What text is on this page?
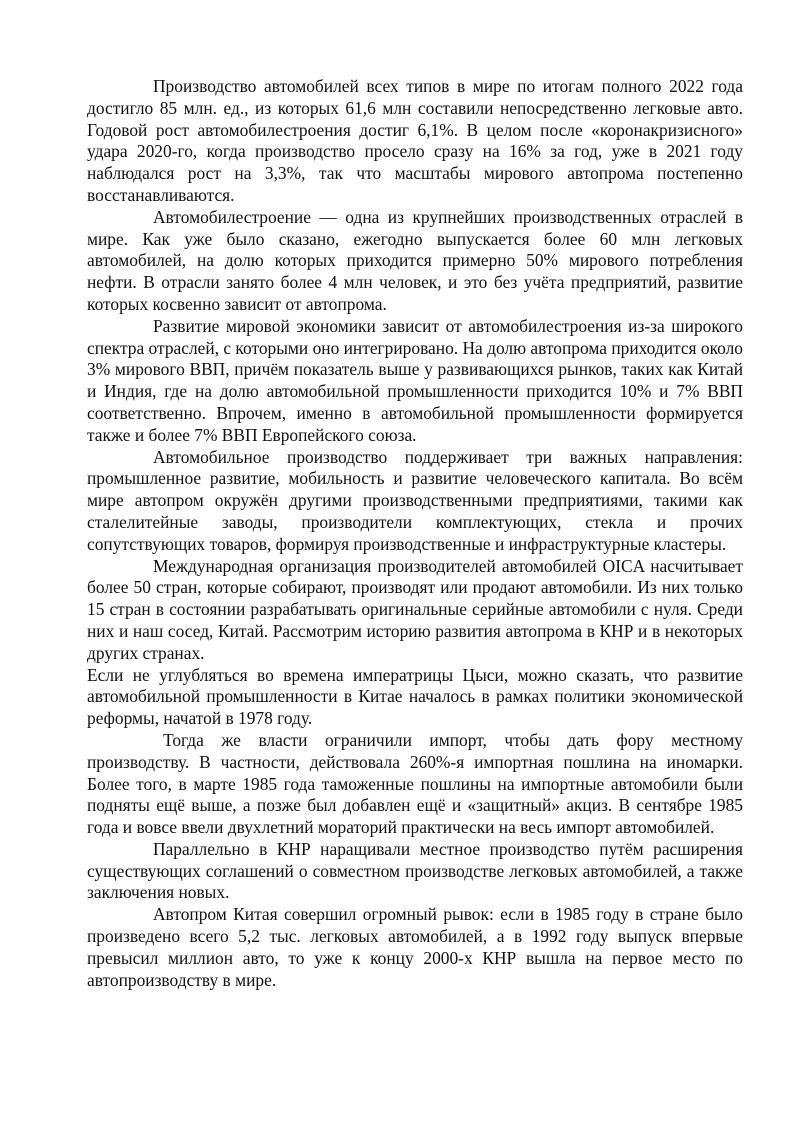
Производство автомобилей всех типов в мире по итогам полного 2022 года достигло 85 млн. ед., из которых 61,6 млн составили непосредственно легковые авто. Годовой рост автомобилестроения достиг 6,1%. В целом после «коронакризисного» удара 2020-го, когда производство просело сразу на 16% за год, уже в 2021 году наблюдался рост на 3,3%, так что масштабы мирового автопрома постепенно восстанавливаются.

Автомобилестроение — одна из крупнейших производственных отраслей в мире. Как уже было сказано, ежегодно выпускается более 60 млн легковых автомобилей, на долю которых приходится примерно 50% мирового потребления нефти. В отрасли занято более 4 млн человек, и это без учёта предприятий, развитие которых косвенно зависит от автопрома.

Развитие мировой экономики зависит от автомобилестроения из-за широкого спектра отраслей, с которыми оно интегрировано. На долю автопрома приходится около 3% мирового ВВП, причём показатель выше у развивающихся рынков, таких как Китай и Индия, где на долю автомобильной промышленности приходится 10% и 7% ВВП соответственно. Впрочем, именно в автомобильной промышленности формируется также и более 7% ВВП Европейского союза.

Автомобильное производство поддерживает три важных направления: промышленное развитие, мобильность и развитие человеческого капитала. Во всём мире автопром окружён другими производственными предприятиями, такими как сталелитейные заводы, производители комплектующих, стекла и прочих сопутствующих товаров, формируя производственные и инфраструктурные кластеры.

Международная организация производителей автомобилей OICA насчитывает более 50 стран, которые собирают, производят или продают автомобили. Из них только 15 стран в состоянии разрабатывать оригинальные серийные автомобили с нуля. Среди них и наш сосед, Китай. Рассмотрим историю развития автопрома в КНР и в некоторых других странах.

Если не углубляться во времена императрицы Цыси, можно сказать, что развитие автомобильной промышленности в Китае началось в рамках политики экономической реформы, начатой в 1978 году.

Тогда же власти ограничили импорт, чтобы дать фору местному производству. В частности, действовала 260%-я импортная пошлина на иномарки. Более того, в марте 1985 года таможенные пошлины на импортные автомобили были подняты ещё выше, а позже был добавлен ещё и «защитный» акциз. В сентябре 1985 года и вовсе ввели двухлетний мораторий практически на весь импорт автомобилей.

Параллельно в КНР наращивали местное производство путём расширения существующих соглашений о совместном производстве легковых автомобилей, а также заключения новых.

Автопром Китая совершил огромный рывок: если в 1985 году в стране было произведено всего 5,2 тыс. легковых автомобилей, а в 1992 году выпуск впервые превысил миллион авто, то уже к концу 2000-х КНР вышла на первое место по автопроизводству в мире.
